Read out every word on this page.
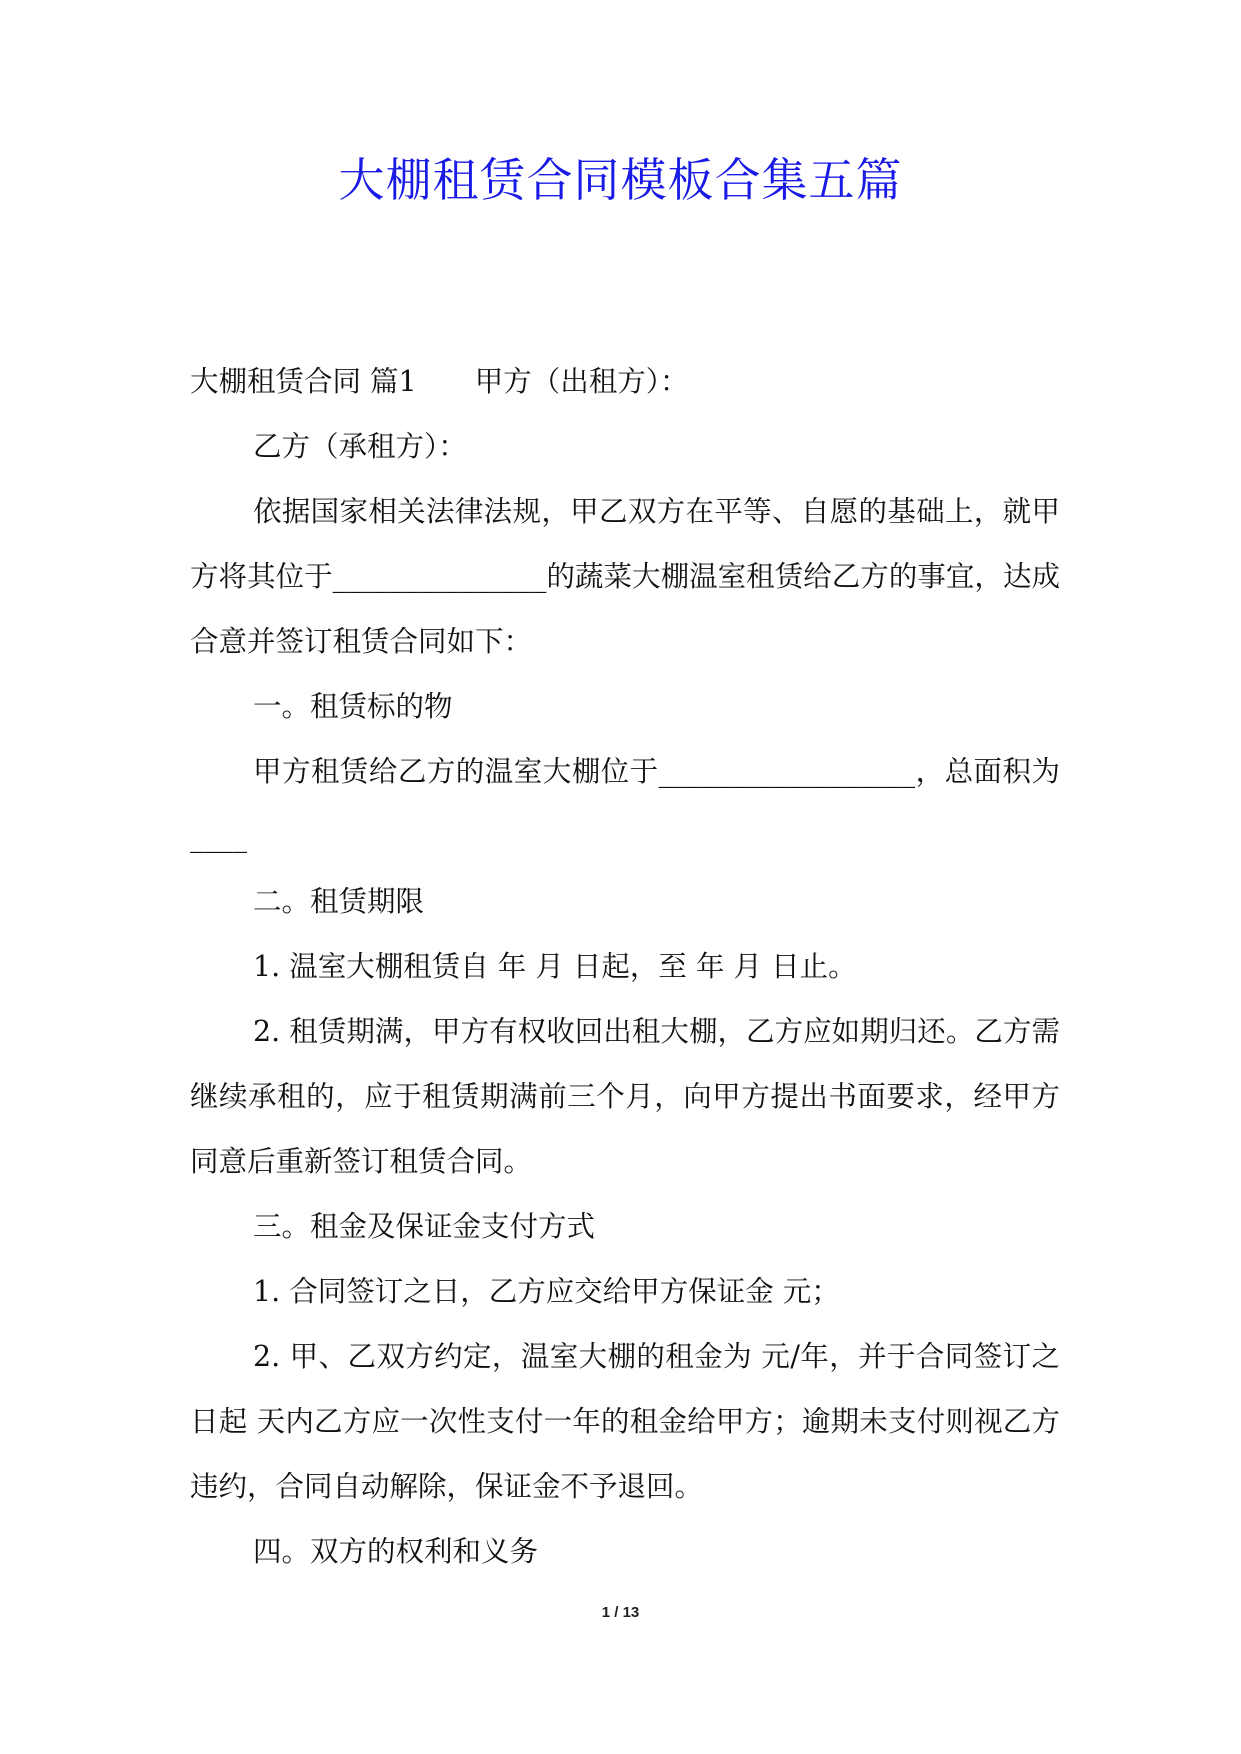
大棚租赁合同模板合集五篇

大棚租赁合同 篇1 甲方（出租方）：

乙方（承租方）：

依据国家相关法律法规，甲乙双方在平等、自愿的基础上，就甲方将其位于_______________的蔬菜大棚温室租赁给乙方的事宜，达成合意并签订租赁合同如下：

一。租赁标的物

甲方租赁给乙方的温室大棚位于__________________，总面积为____

二。租赁期限

1. 温室大棚租赁自 年 月 日起，至 年 月 日止。

2. 租赁期满，甲方有权收回出租大棚，乙方应如期归还。乙方需继续承租的，应于租赁期满前三个月，向甲方提出书面要求，经甲方同意后重新签订租赁合同。

三。租金及保证金支付方式

1. 合同签订之日，乙方应交给甲方保证金 元；

2. 甲、乙双方约定，温室大棚的租金为 元/年，并于合同签订之日起 天内乙方应一次性支付一年的租金给甲方；逾期未支付则视乙方违约，合同自动解除，保证金不予退回。

四。双方的权利和义务

1 / 13
